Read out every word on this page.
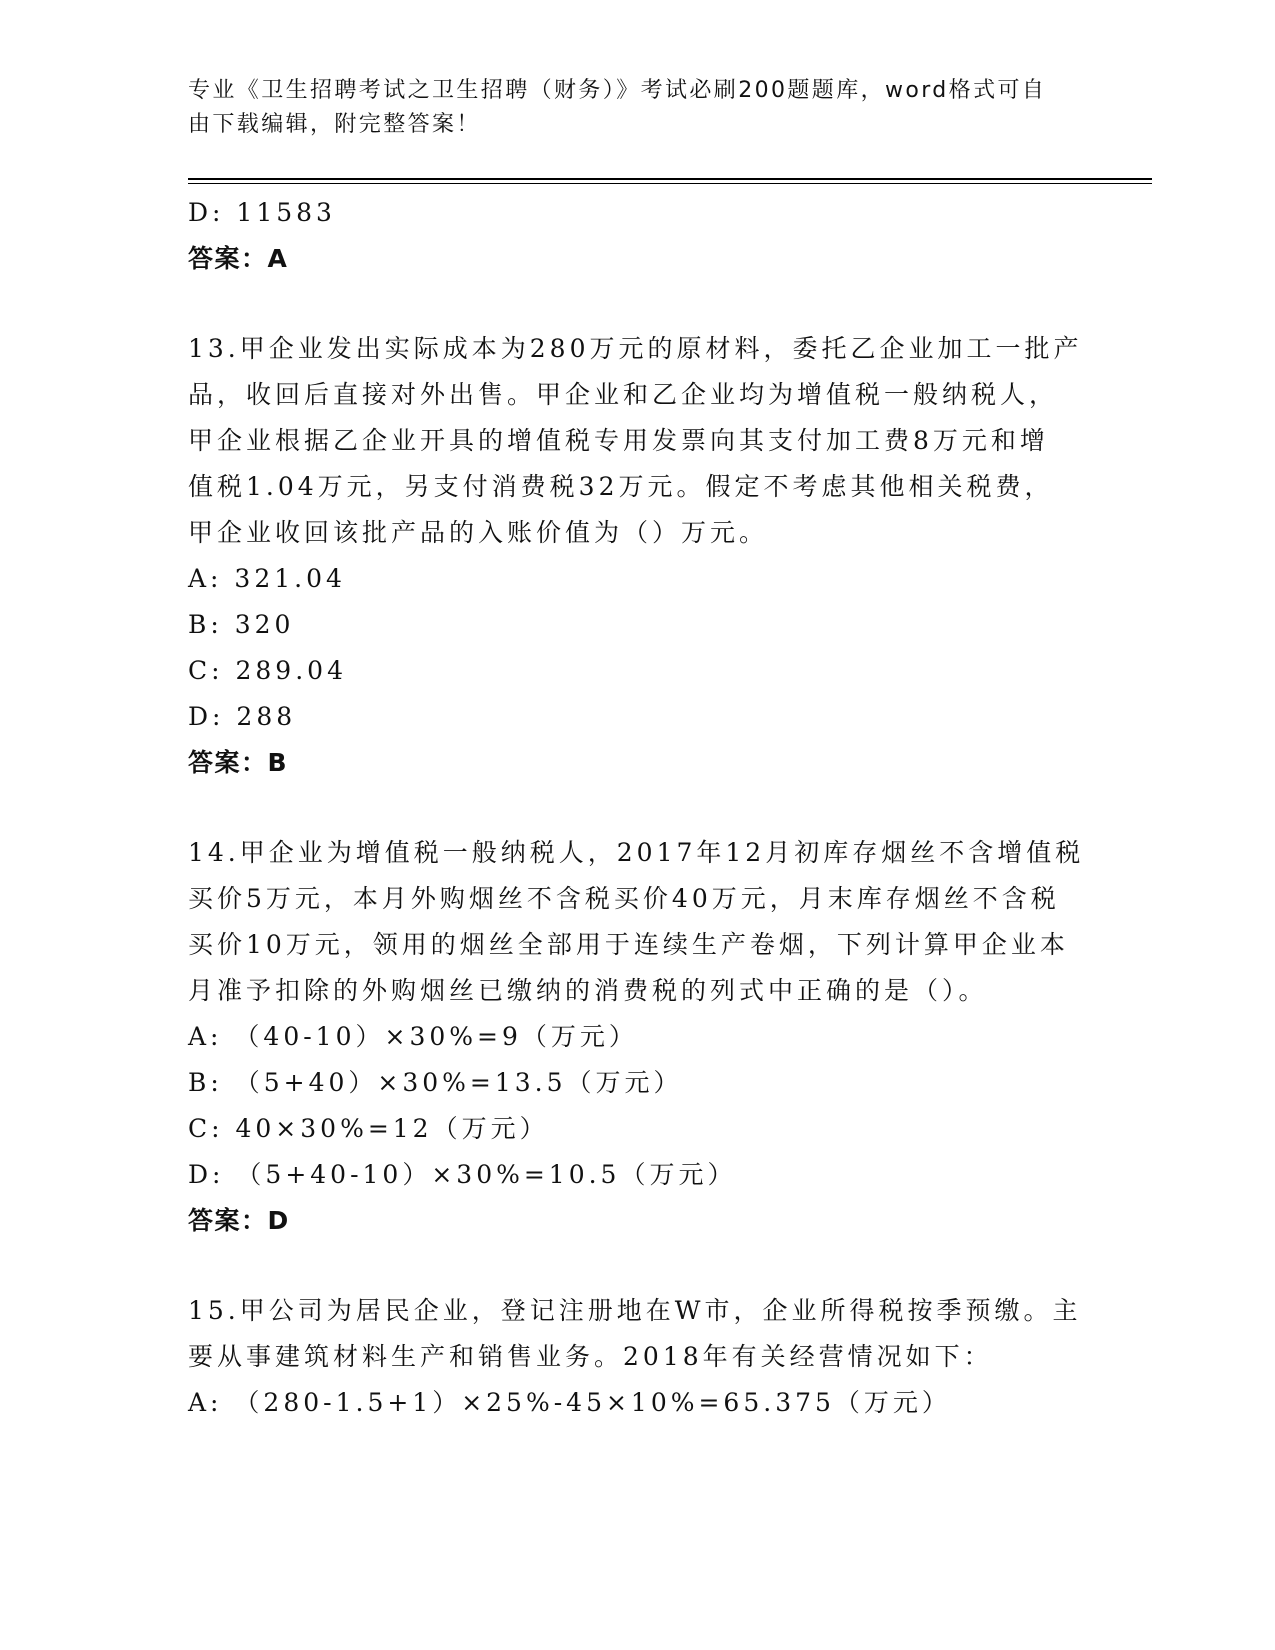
专业《卫生招聘考试之卫生招聘（财务）》考试必刷200题题库，word格式可自
由下载编辑，附完整答案！
D: 11583
答案：A
13.甲企业发出实际成本为280万元的原材料，委托乙企业加工一批产
品，收回后直接对外出售。甲企业和乙企业均为增值税一般纳税人，
甲企业根据乙企业开具的增值税专用发票向其支付加工费8万元和增
值税1.04万元，另支付消费税32万元。假定不考虑其他相关税费，
甲企业收回该批产品的入账价值为（）万元。
A: 321.04
B: 320
C: 289.04
D: 288
答案：B
14.甲企业为增值税一般纳税人，2017年12月初库存烟丝不含增值税
买价5万元，本月外购烟丝不含税买价40万元，月末库存烟丝不含税
买价10万元，领用的烟丝全部用于连续生产卷烟，下列计算甲企业本
月准予扣除的外购烟丝已缴纳的消费税的列式中正确的是（）。
A: （40-10）×30%=9（万元）
B: （5+40）×30%=13.5（万元）
C: 40×30%=12（万元）
D: （5+40-10）×30%=10.5（万元）
答案：D
15.甲公司为居民企业，登记注册地在W市，企业所得税按季预缴。主
要从事建筑材料生产和销售业务。2018年有关经营情况如下：
A: （280-1.5+1）×25%-45×10%=65.375（万元）
